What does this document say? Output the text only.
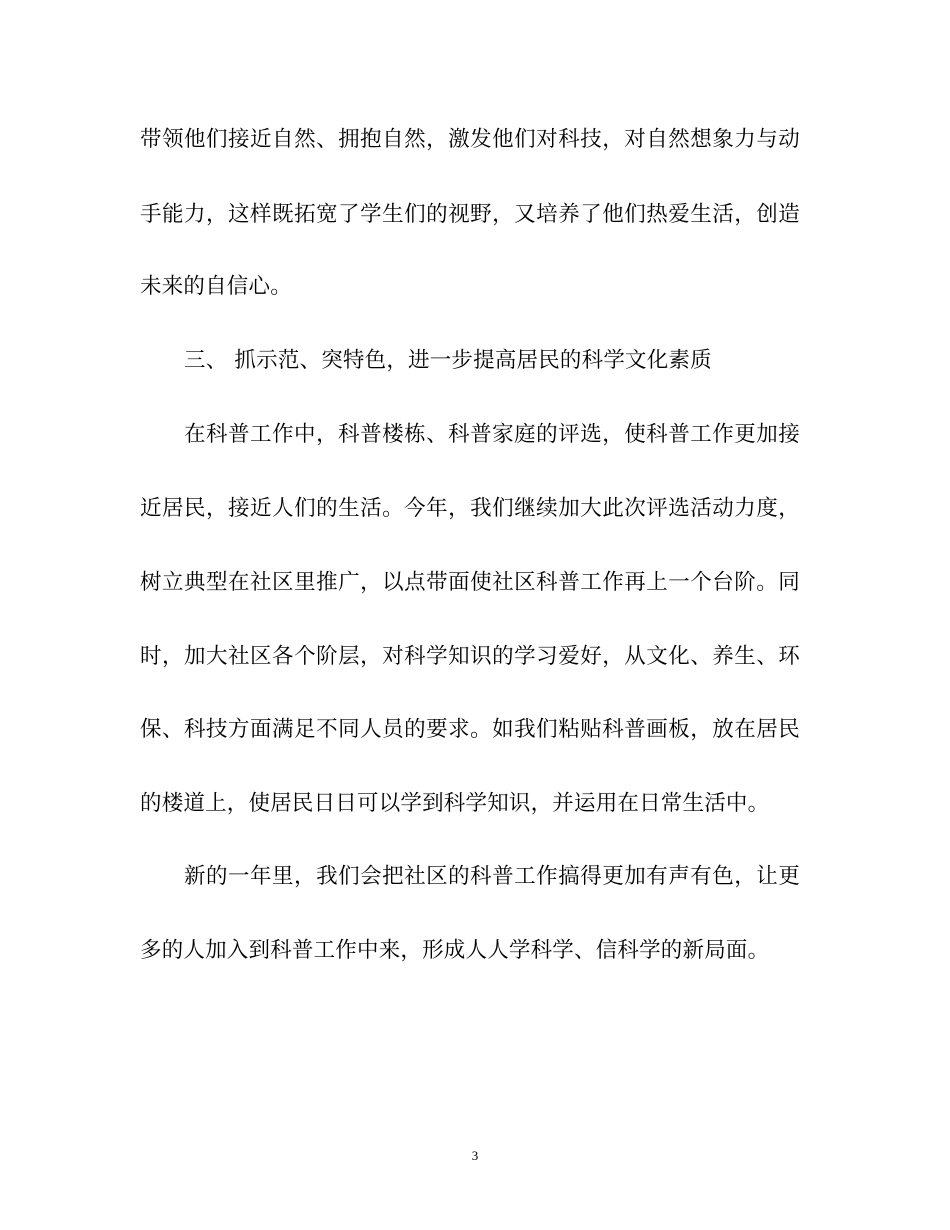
带领他们接近自然、拥抱自然，激发他们对科技，对自然想象力与动
手能力，这样既拓宽了学生们的视野，又培养了他们热爱生活，创造
未来的自信心。
三、 抓示范、突特色，进一步提高居民的科学文化素质
在科普工作中，科普楼栋、科普家庭的评选，使科普工作更加接
近居民，接近人们的生活。今年，我们继续加大此次评选活动力度，
树立典型在社区里推广，以点带面使社区科普工作再上一个台阶。同
时，加大社区各个阶层，对科学知识的学习爱好，从文化、养生、环
保、科技方面满足不同人员的要求。如我们粘贴科普画板，放在居民
的楼道上，使居民日日可以学到科学知识，并运用在日常生活中。
新的一年里，我们会把社区的科普工作搞得更加有声有色，让更
多的人加入到科普工作中来，形成人人学科学、信科学的新局面。
3
